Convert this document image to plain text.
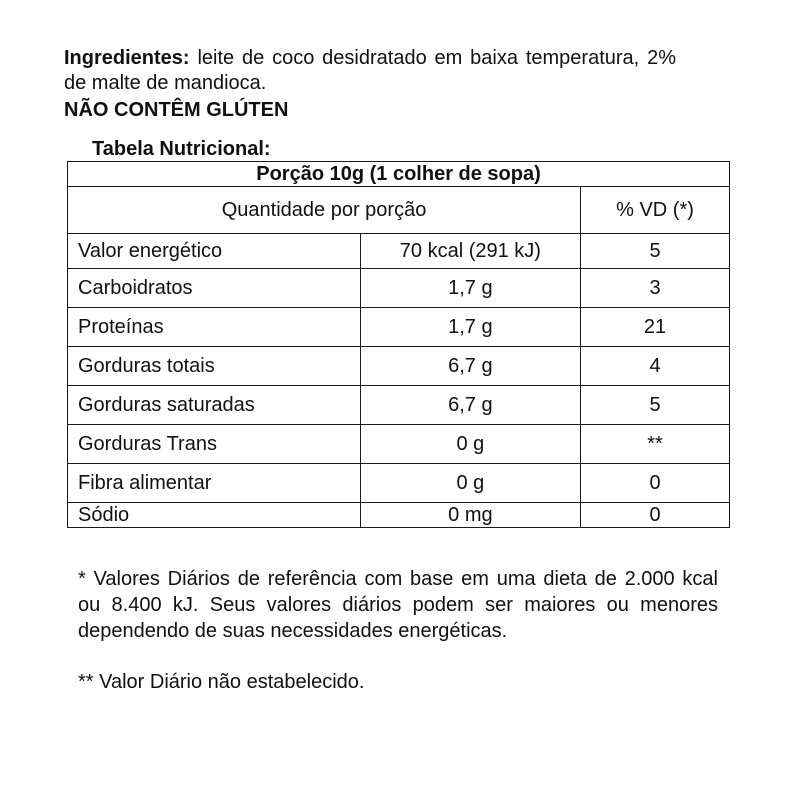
Ingredientes: leite de coco desidratado em baixa temperatura, 2% de malte de mandioca.
NÃO CONTÊM GLÚTEN
Tabela Nutricional:
Porção 10g (1 colher de sopa)		
Quantidade por porção		% VD (*)
Valor energético	70 kcal (291 kJ)	5
Carboidratos	1,7 g	3
Proteínas	1,7 g	21
Gorduras totais	6,7 g	4
Gorduras saturadas	6,7 g	5
Gorduras Trans	0 g	**
Fibra alimentar	0 g	0
Sódio	0 mg	0
* Valores Diários de referência com base em uma dieta de 2.000 kcal ou 8.400 kJ. Seus valores diários podem ser maiores ou menores dependendo de suas necessidades energéticas.
** Valor Diário não estabelecido.
